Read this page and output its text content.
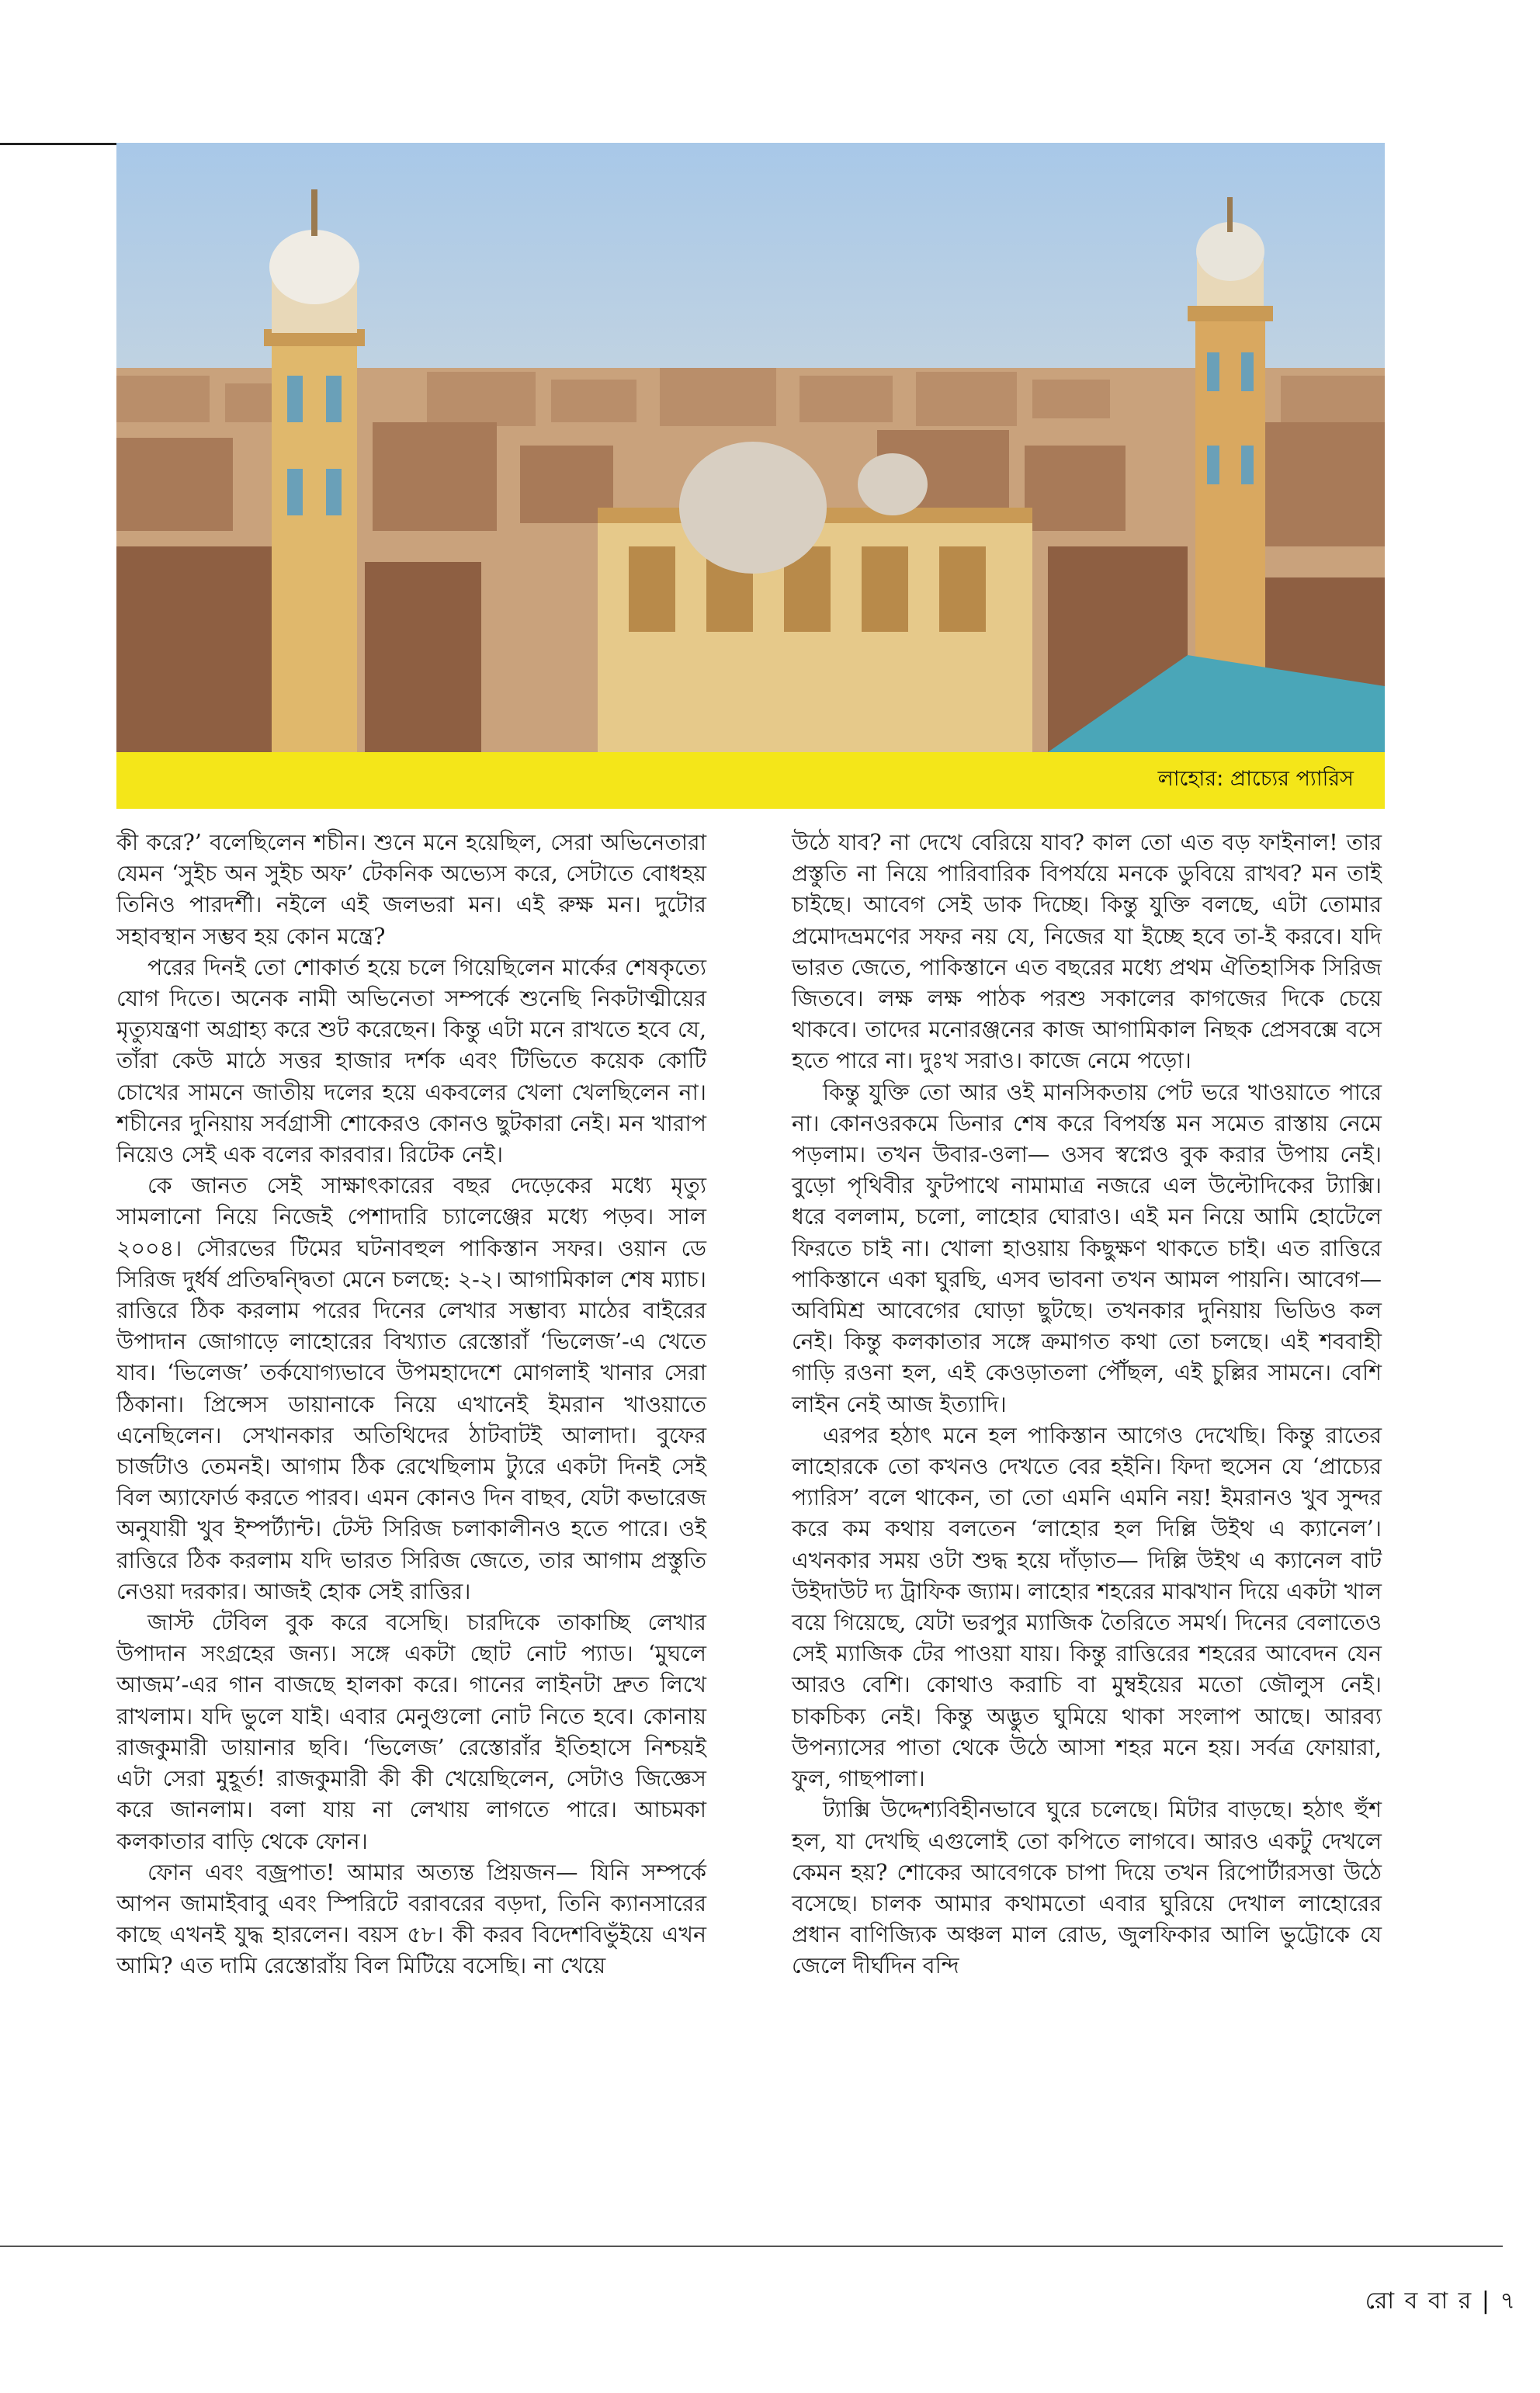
লাহোর: প্রাচ্যের প্যারিস

কী করে?’ বলেছিলেন শচীন। শুনে মনে হয়েছিল, সেরা অভিনেতারা যেমন ‘সুইচ অন সুইচ অফ’ টেকনিক অভ্যেস করে, সেটাতে বোধহয় তিনিও পারদর্শী। নইলে এই জলভরা মন। এই রুক্ষ মন। দুটোর সহাবস্থান সম্ভব হয় কোন মন্ত্রে?

পরের দিনই তো শোকার্ত হয়ে চলে গিয়েছিলেন মার্কের শেষকৃত্যে যোগ দিতে। অনেক নামী অভিনেতা সম্পর্কে শুনেছি নিকটাত্মীয়ের মৃত্যুযন্ত্রণা অগ্রাহ্য করে শুট করেছেন। কিন্তু এটা মনে রাখতে হবে যে, তাঁরা কেউ মাঠে সত্তর হাজার দর্শক এবং টিভিতে কয়েক কোটি চোখের সামনে জাতীয় দলের হয়ে একবলের খেলা খেলছিলেন না। শচীনের দুনিয়ায় সর্বগ্রাসী শোকেরও কোনও ছুটকারা নেই। মন খারাপ নিয়েও সেই এক বলের কারবার। রিটেক নেই।

কে জানত সেই সাক্ষাৎকারের বছর দেড়েকের মধ্যে মৃত্যু সামলানো নিয়ে নিজেই পেশাদারি চ্যালেঞ্জের মধ্যে পড়ব। সাল ২০০৪। সৌরভের টিমের ঘটনাবহুল পাকিস্তান সফর। ওয়ান ডে সিরিজ দুর্ধর্ষ প্রতিদ্বন্দ্বিতা মেনে চলছে: ২-২। আগামিকাল শেষ ম্যাচ। রাত্তিরে ঠিক করলাম পরের দিনের লেখার সম্ভাব্য মাঠের বাইরের উপাদান জোগাড়ে লাহোরের বিখ্যাত রেস্তোরাঁ ‘ভিলেজ’-এ খেতে যাব। ‘ভিলেজ’ তর্কযোগ্যভাবে উপমহাদেশে মোগলাই খানার সেরা ঠিকানা। প্রিন্সেস ডায়ানাকে নিয়ে এখানেই ইমরান খাওয়াতে এনেছিলেন। সেখানকার অতিথিদের ঠাটবাটই আলাদা। বুফের চার্জটাও তেমনই। আগাম ঠিক রেখেছিলাম ট্যুরে একটা দিনই সেই বিল অ্যাফোর্ড করতে পারব। এমন কোনও দিন বাছব, যেটা কভারেজ অনুযায়ী খুব ইম্পর্ট্যান্ট। টেস্ট সিরিজ চলাকালীনও হতে পারে। ওই রাত্তিরে ঠিক করলাম যদি ভারত সিরিজ জেতে, তার আগাম প্রস্তুতি নেওয়া দরকার। আজই হোক সেই রাত্তির।

জাস্ট টেবিল বুক করে বসেছি। চারদিকে তাকাচ্ছি লেখার উপাদান সংগ্রহের জন্য। সঙ্গে একটা ছোট নোট প্যাড। ‘মুঘলে আজম’-এর গান বাজছে হালকা করে। গানের লাইনটা দ্রুত লিখে রাখলাম। যদি ভুলে যাই। এবার মেনুগুলো নোট নিতে হবে। কোনায় রাজকুমারী ডায়ানার ছবি। ‘ভিলেজ’ রেস্তোরাঁর ইতিহাসে নিশ্চয়ই এটা সেরা মুহূর্ত! রাজকুমারী কী কী খেয়েছিলেন, সেটাও জিজ্ঞেস করে জানলাম। বলা যায় না লেখায় লাগতে পারে। আচমকা কলকাতার বাড়ি থেকে ফোন।

ফোন এবং বজ্রপাত! আমার অত্যন্ত প্রিয়জন— যিনি সম্পর্কে আপন জামাইবাবু এবং স্পিরিটে বরাবরের বড়দা, তিনি ক্যানসারের কাছে এখনই যুদ্ধ হারলেন। বয়স ৫৮। কী করব বিদেশবিভুঁইয়ে এখন আমি? এত দামি রেস্তোরাঁয় বিল মিটিয়ে বসেছি। না খেয়ে

উঠে যাব? না দেখে বেরিয়ে যাব? কাল তো এত বড় ফাইনাল! তার প্রস্তুতি না নিয়ে পারিবারিক বিপর্যয়ে মনকে ডুবিয়ে রাখব? মন তাই চাইছে। আবেগ সেই ডাক দিচ্ছে। কিন্তু যুক্তি বলছে, এটা তোমার প্রমোদভ্রমণের সফর নয় যে, নিজের যা ইচ্ছে হবে তা-ই করবে। যদি ভারত জেতে, পাকিস্তানে এত বছরের মধ্যে প্রথম ঐতিহাসিক সিরিজ জিতবে। লক্ষ লক্ষ পাঠক পরশু সকালের কাগজের দিকে চেয়ে থাকবে। তাদের মনোরঞ্জনের কাজ আগামিকাল নিছক প্রেসবক্সে বসে হতে পারে না। দুঃখ সরাও। কাজে নেমে পড়ো।

কিন্তু যুক্তি তো আর ওই মানসিকতায় পেট ভরে খাওয়াতে পারে না। কোনওরকমে ডিনার শেষ করে বিপর্যস্ত মন সমেত রাস্তায় নেমে পড়লাম। তখন উবার-ওলা— ওসব স্বপ্নেও বুক করার উপায় নেই। বুড়ো পৃথিবীর ফুটপাথে নামামাত্র নজরে এল উল্টোদিকের ট্যাক্সি। ধরে বললাম, চলো, লাহোর ঘোরাও। এই মন নিয়ে আমি হোটেলে ফিরতে চাই না। খোলা হাওয়ায় কিছুক্ষণ থাকতে চাই। এত রাত্তিরে পাকিস্তানে একা ঘুরছি, এসব ভাবনা তখন আমল পায়নি। আবেগ— অবিমিশ্র আবেগের ঘোড়া ছুটছে। তখনকার দুনিয়ায় ভিডিও কল নেই। কিন্তু কলকাতার সঙ্গে ক্রমাগত কথা তো চলছে। এই শববাহী গাড়ি রওনা হল, এই কেওড়াতলা পৌঁছল, এই চুল্লির সামনে। বেশি লাইন নেই আজ ইত্যাদি।

এরপর হঠাৎ মনে হল পাকিস্তান আগেও দেখেছি। কিন্তু রাতের লাহোরকে তো কখনও দেখতে বের হইনি। ফিদা হুসেন যে ‘প্রাচ্যের প্যারিস’ বলে থাকেন, তা তো এমনি এমনি নয়! ইমরানও খুব সুন্দর করে কম কথায় বলতেন ‘লাহোর হল দিল্লি উইথ এ ক্যানেল’। এখনকার সময় ওটা শুদ্ধ হয়ে দাঁড়াত— দিল্লি উইথ এ ক্যানেল বাট উইদাউট দ্য ট্রাফিক জ্যাম। লাহোর শহরের মাঝখান দিয়ে একটা খাল বয়ে গিয়েছে, যেটা ভরপুর ম্যাজিক তৈরিতে সমর্থ। দিনের বেলাতেও সেই ম্যাজিক টের পাওয়া যায়। কিন্তু রাত্তিরের শহরের আবেদন যেন আরও বেশি। কোথাও করাচি বা মুম্বইয়ের মতো জৌলুস নেই। চাকচিক্য নেই। কিন্তু অদ্ভুত ঘুমিয়ে থাকা সংলাপ আছে। আরব্য উপন্যাসের পাতা থেকে উঠে আসা শহর মনে হয়। সর্বত্র ফোয়ারা, ফুল, গাছপালা।

ট্যাক্সি উদ্দেশ্যবিহীনভাবে ঘুরে চলেছে। মিটার বাড়ছে। হঠাৎ হুঁশ হল, যা দেখছি এগুলোই তো কপিতে লাগবে। আরও একটু দেখলে কেমন হয়? শোকের আবেগকে চাপা দিয়ে তখন রিপোর্টারসত্তা উঠে বসেছে। চালক আমার কথামতো এবার ঘুরিয়ে দেখাল লাহোরের প্রধান বাণিজ্যিক অঞ্চল মাল রোড, জুলফিকার আলি ভুট্টোকে যে জেলে দীর্ঘদিন বন্দি

রো ব বা র | ৭
